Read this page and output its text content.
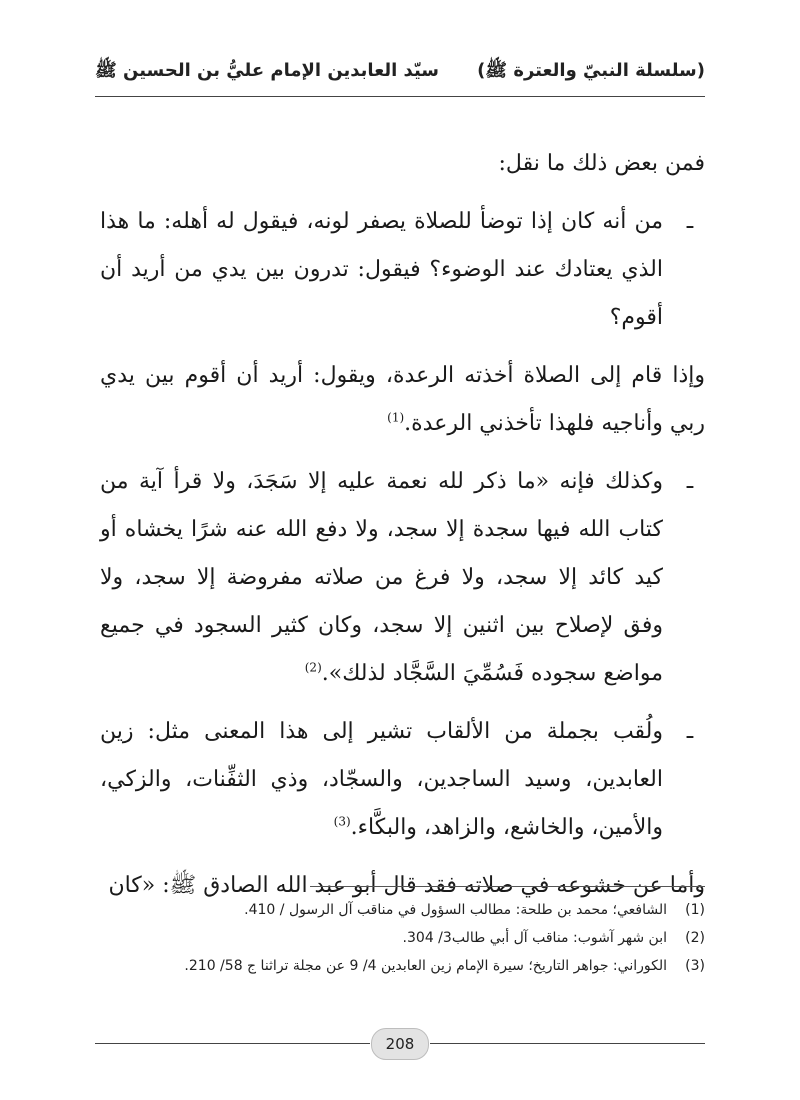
(سلسلة النبيّ والعترة ﷺ)
سيّد العابدين الإمام عليُّ بن الحسين ﷺ

فمن بعض ذلك ما نقل:

ـ
من أنه كان إذا توضأ للصلاة يصفر لونه، فيقول له أهله: ما هذا الذي يعتادك عند الوضوء؟ فيقول: تدرون بين يدي من أريد أن أقوم؟

وإذا قام إلى الصلاة أخذته الرعدة، ويقول: أريد أن أقوم بين يدي ربي وأناجيه فلهذا تأخذني الرعدة.$^{(1)}$

ـ
وكذلك فإنه «ما ذكر لله نعمة عليه إلا سَجَدَ، ولا قرأ آية من كتاب الله فيها سجدة إلا سجد، ولا دفع الله عنه شرًا يخشاه أو كيد كائد إلا سجد، ولا فرغ من صلاته مفروضة إلا سجد، ولا وفق لإصلاح بين اثنين إلا سجد، وكان كثير السجود في جميع مواضع سجوده فَسُمِّيَ السَّجَّاد لذلك».$^{(2)}$
ـ
ولُقب بجملة من الألقاب تشير إلى هذا المعنى مثل: زين العابدين، وسيد الساجدين، والسجّاد، وذي الثفِّنات، والزكي، والأمين، والخاشع، والزاهد، والبكَّاء.$^{(3)}$

وأما عن خشوعه في صلاته فقد قال أبو عبد الله الصادق ﷺ: «كان

(1)
الشافعي؛ محمد بن طلحة: مطالب السؤول في مناقب آل الرسول / 410.
(2)
ابن شهر آشوب: مناقب آل أبي طالب3/ 304.
(3)
الكوراني: جواهر التاريخ؛ سيرة الإمام زين العابدين 4/ 9 عن مجلة تراثنا ج 58/ 210.
208
